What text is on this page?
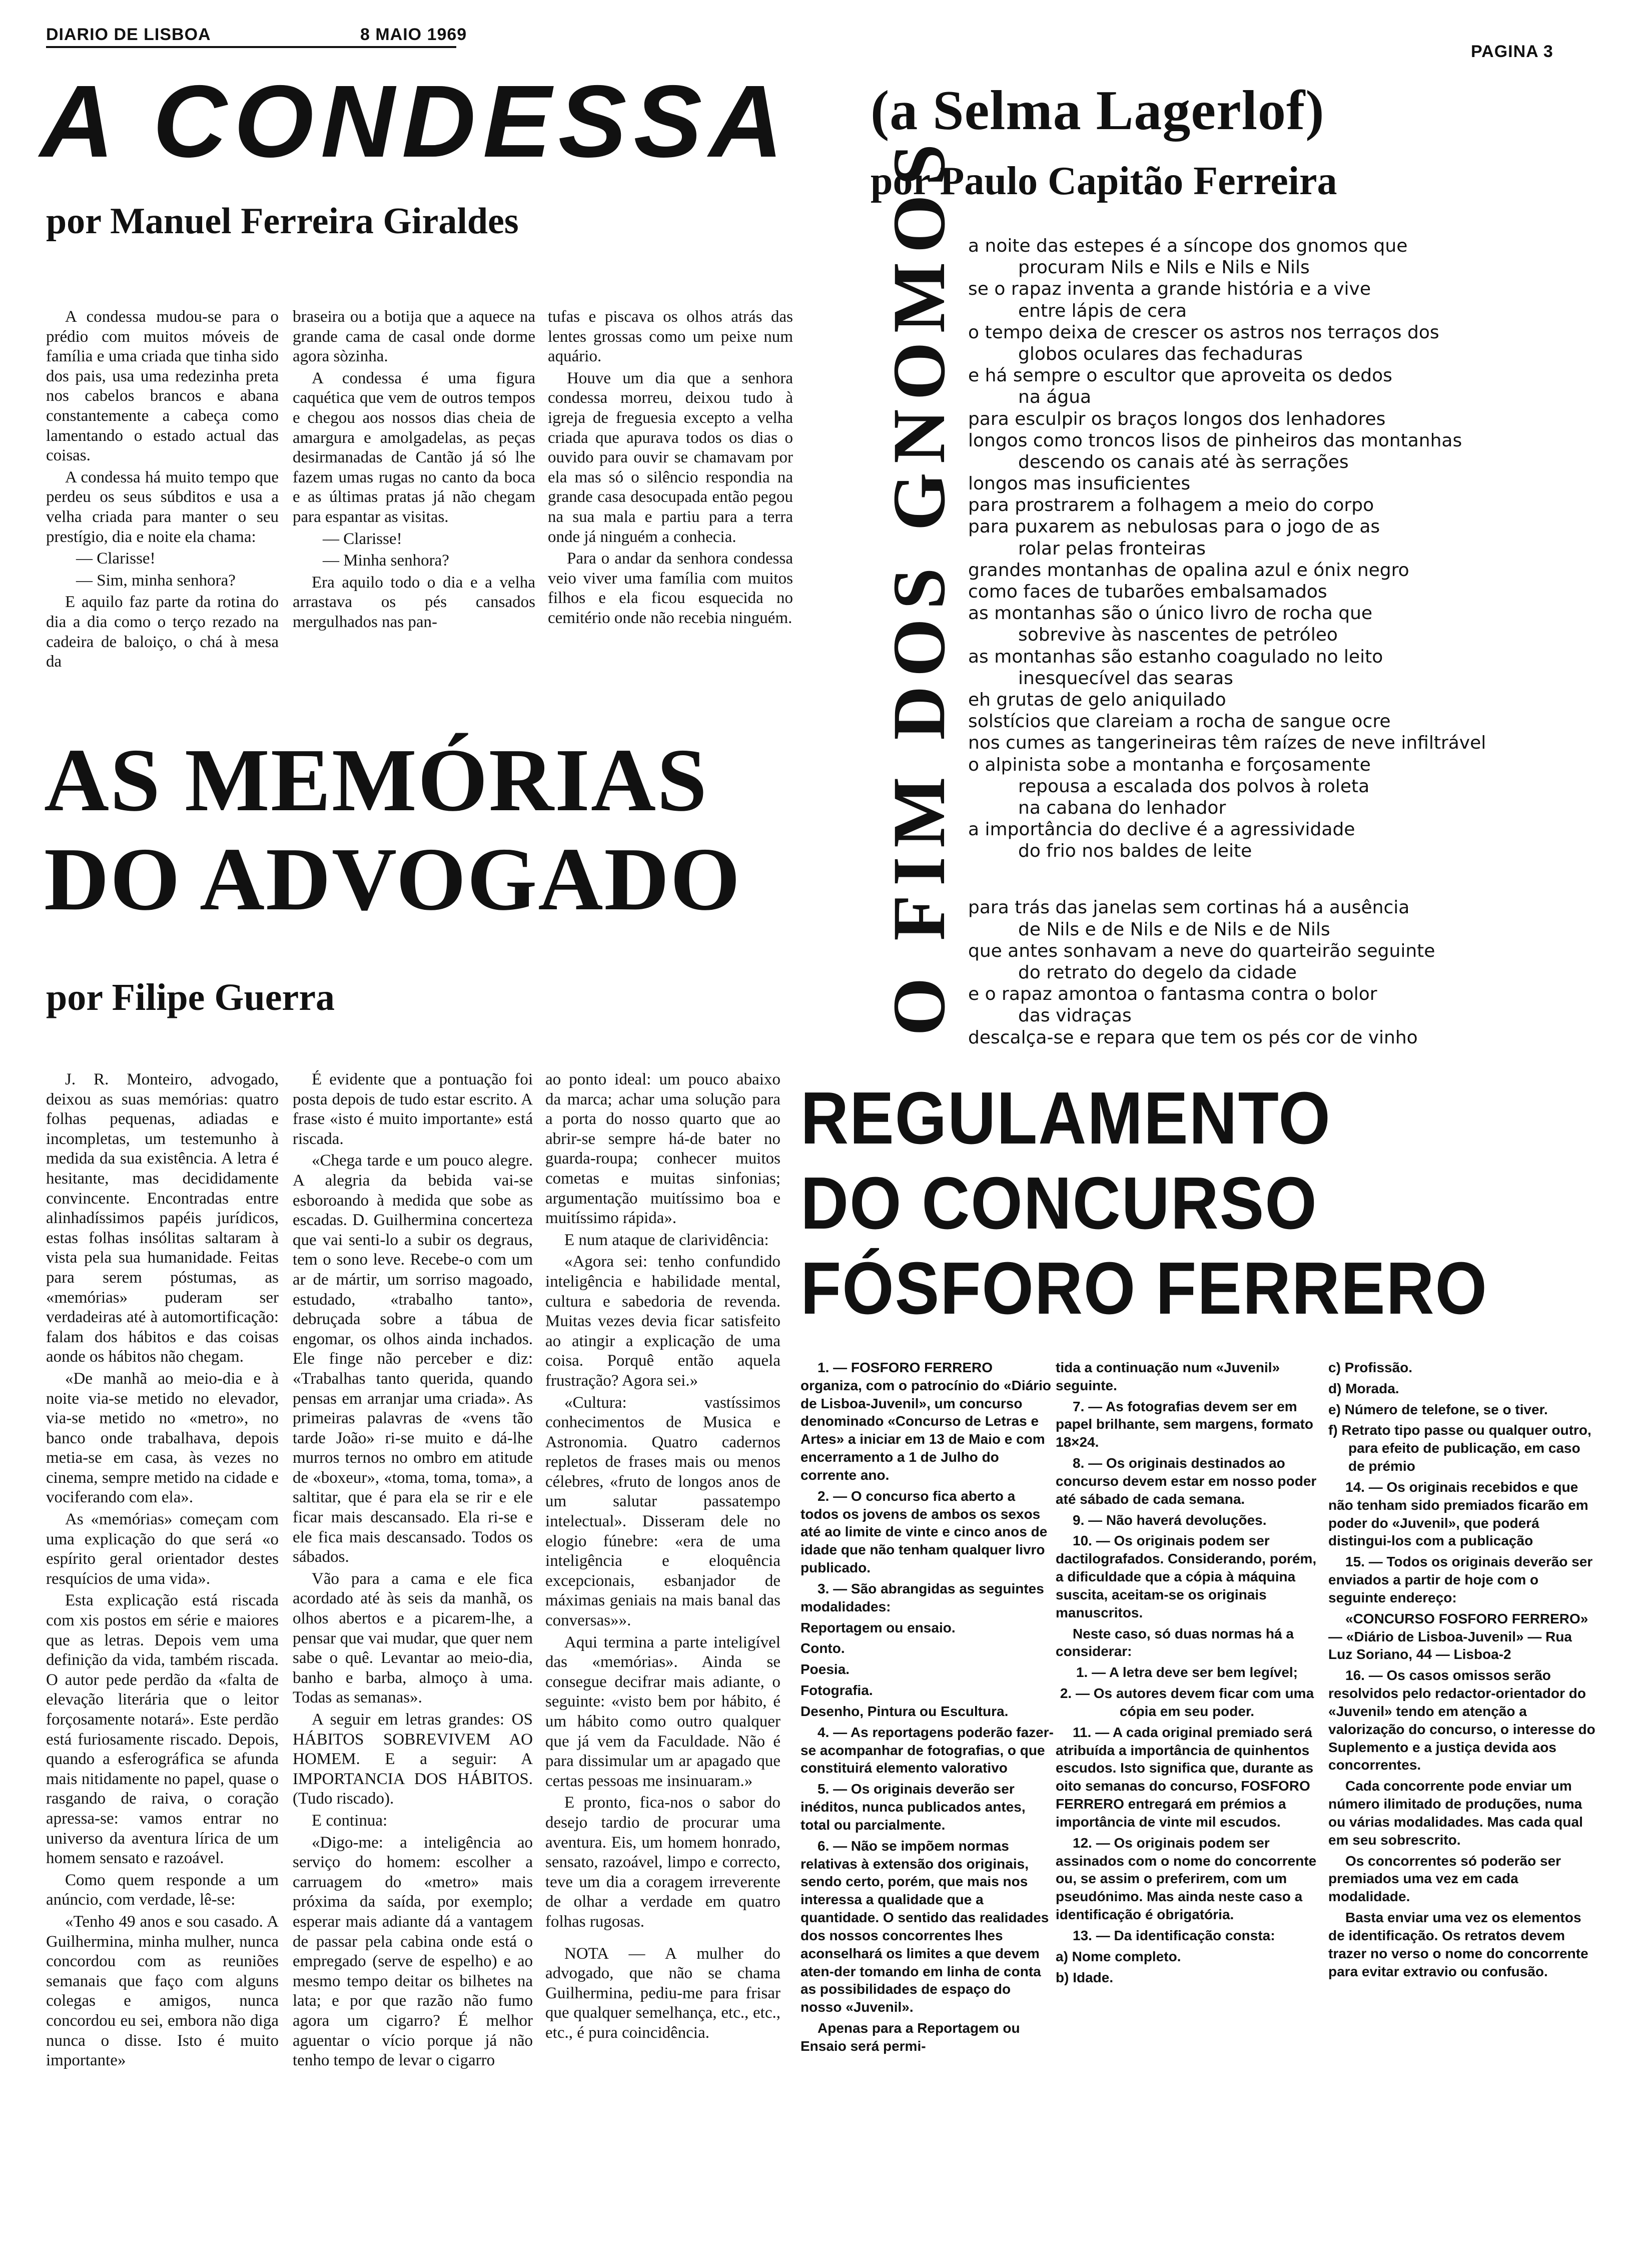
DIARIO DE LISBOA	8 MAIO 1969
PAGINA 3
A CONDESSA
por Manuel Ferreira Giraldes

A condessa mudou-se para o prédio com muitos móveis de família e uma criada que tinha sido dos pais, usa uma redezinha preta nos cabelos brancos e abana constantemente a cabeça como lamentando o estado actual das coisas.

A condessa há muito tempo que perdeu os seus súbditos e usa a velha criada para manter o seu prestígio, dia e noite ela chama:

— Clarisse!

— Sim, minha senhora?

E aquilo faz parte da rotina do dia a dia como o terço rezado na cadeira de baloiço, o chá à mesa da

braseira ou a botija que a aquece na grande cama de casal onde dorme agora sòzinha.

A condessa é uma figura caquética que vem de outros tempos e chegou aos nossos dias cheia de amargura e amolgadelas, as peças desirmanadas de Cantão já só lhe fazem umas rugas no canto da boca e as últimas pratas já não chegam para espantar as visitas.

— Clarisse!

— Minha senhora?

Era aquilo todo o dia e a velha arrastava os pés cansados mergulhados nas pan-

tufas e piscava os olhos atrás das lentes grossas como um peixe num aquário.

Houve um dia que a senhora condessa morreu, deixou tudo à igreja de freguesia excepto a velha criada que apurava todos os dias o ouvido para ouvir se chamavam por ela mas só o silêncio respondia na grande casa desocupada então pegou na sua mala e partiu para a terra onde já ninguém a conhecia.

Para o andar da senhora condessa veio viver uma família com muitos filhos e ela ficou esquecida no cemitério onde não recebia ninguém.

(a Selma Lagerlof)
por Paulo Capitão Ferreira
O FIM DOS GNOMOS a noite das estepes é a síncope dos gnomos que
procuram Nils e Nils e Nils e Nils
se o rapaz inventa a grande história e a vive
entre lápis de cera
o tempo deixa de crescer os astros nos terraços dos
globos oculares das fechaduras
e há sempre o escultor que aproveita os dedos
na água
para esculpir os braços longos dos lenhadores
longos como troncos lisos de pinheiros das montanhas
descendo os canais até às serrações
longos mas insuficientes
para prostrarem a folhagem a meio do corpo
para puxarem as nebulosas para o jogo de as
rolar pelas fronteiras
grandes montanhas de opalina azul e ónix negro
como faces de tubarões embalsamados
as montanhas são o único livro de rocha que
sobrevive às nascentes de petróleo
as montanhas são estanho coagulado no leito
inesquecível das searas
eh grutas de gelo aniquilado
solstícios que clareiam a rocha de sangue ocre
nos cumes as tangerineiras têm raízes de neve infiltrável
o alpinista sobe a montanha e forçosamente
repousa a escalada dos polvos à roleta
na cabana do lenhador
a importância do declive é a agressividade
do frio nos baldes de leite
para trás das janelas sem cortinas há a ausência
de Nils e de Nils e de Nils e de Nils
que antes sonhavam a neve do quarteirão seguinte
do retrato do degelo da cidade
e o rapaz amontoa o fantasma contra o bolor
das vidraças
descalça-se e repara que tem os pés cor de vinho
AS MEMÓRIAS
DO ADVOGADO
por Filipe Guerra

J. R. Monteiro, advogado, deixou as suas memórias: quatro folhas pequenas, adiadas e incompletas, um testemunho à medida da sua existência. A letra é hesitante, mas decididamente convincente. Encontradas entre alinhadíssimos papéis jurídicos, estas folhas insólitas saltaram à vista pela sua humanidade. Feitas para serem póstumas, as «memórias» puderam ser verdadeiras até à automortificação: falam dos hábitos e das coisas aonde os hábitos não chegam.

«De manhã ao meio-dia e à noite via-se metido no elevador, via-se metido no «metro», no banco onde trabalhava, depois metia-se em casa, às vezes no cinema, sempre metido na cidade e vociferando com ela».

As «memórias» começam com uma explicação do que será «o espírito geral orientador destes resquícios de uma vida».

Esta explicação está riscada com xis postos em série e maiores que as letras. Depois vem uma definição da vida, também riscada. O autor pede perdão da «falta de elevação literária que o leitor forçosamente notará». Este perdão está furiosamente riscado. Depois, quando a esferográfica se afunda mais nitidamente no papel, quase o rasgando de raiva, o coração apressa-se: vamos entrar no universo da aventura lírica de um homem sensato e razoável.

Como quem responde a um anúncio, com verdade, lê-se:

«Tenho 49 anos e sou casado. A Guilhermina, minha mulher, nunca concordou com as reuniões semanais que faço com alguns colegas e amigos, nunca concordou eu sei, embora não diga nunca o disse. Isto é muito importante»

É evidente que a pontuação foi posta depois de tudo estar escrito. A frase «isto é muito importante» está riscada.

«Chega tarde e um pouco alegre. A alegria da bebida vai-se esboroando à medida que sobe as escadas. D. Guilhermina concerteza que vai senti-lo a subir os degraus, tem o sono leve. Recebe-o com um ar de mártir, um sorriso magoado, estudado, «trabalho tanto», debruçada sobre a tábua de engomar, os olhos ainda inchados. Ele finge não perceber e diz: «Trabalhas tanto querida, quando pensas em arranjar uma criada». As primeiras palavras de «vens tão tarde João» ri-se muito e dá-lhe murros ternos no ombro em atitude de «boxeur», «toma, toma, toma», a saltitar, que é para ela se rir e ele ficar mais descansado. Ela ri-se e ele fica mais descansado. Todos os sábados.

Vão para a cama e ele fica acordado até às seis da manhã, os olhos abertos e a picarem-lhe, a pensar que vai mudar, que quer nem sabe o quê. Levantar ao meio-dia, banho e barba, almoço à uma. Todas as semanas».

A seguir em letras grandes: OS HÁBITOS SOBREVIVEM AO HOMEM. E a seguir: A IMPORTANCIA DOS HÁBITOS. (Tudo riscado).

E continua:

«Digo-me: a inteligência ao serviço do homem: escolher a carruagem do «metro» mais próxima da saída, por exemplo; esperar mais adiante dá a vantagem de passar pela cabina onde está o empregado (serve de espelho) e ao mesmo tempo deitar os bilhetes na lata; e por que razão não fumo agora um cigarro? É melhor aguentar o vício porque já não tenho tempo de levar o cigarro

ao ponto ideal: um pouco abaixo da marca; achar uma solução para a porta do nosso quarto que ao abrir-se sempre há-de bater no guarda-roupa; conhecer muitos cometas e muitas sinfonias; argumentação muitíssimo boa e muitíssimo rápida».

E num ataque de clarividência:

«Agora sei: tenho confundido inteligência e habilidade mental, cultura e sabedoria de revenda. Muitas vezes devia ficar satisfeito ao atingir a explicação de uma coisa. Porquê então aquela frustração? Agora sei.»

«Cultura: vastíssimos conhecimentos de Musica e Astronomia. Quatro cadernos repletos de frases mais ou menos célebres, «fruto de longos anos de um salutar passatempo intelectual». Disseram dele no elogio fúnebre: «era de uma inteligência e eloquência excepcionais, esbanjador de máximas geniais na mais banal das conversas»».

Aqui termina a parte inteligível das «memórias». Ainda se consegue decifrar mais adiante, o seguinte: «visto bem por hábito, é um hábito como outro qualquer que já vem da Faculdade. Não é para dissimular um ar apagado que certas pessoas me insinuaram.»

E pronto, fica-nos o sabor do desejo tardio de procurar uma aventura. Eis, um homem honrado, sensato, razoável, limpo e correcto, teve um dia a coragem irreverente de olhar a verdade em quatro folhas rugosas.

NOTA — A mulher do advogado, que não se chama Guilhermina, pediu-me para frisar que qualquer semelhança, etc., etc., etc., é pura coincidência.

REGULAMENTO
DO CONCURSO
FÓSFORO FERRERO

1. — FOSFORO FERRERO organiza, com o patrocínio do «Diário de Lisboa-Juvenil», um concurso denominado «Concurso de Letras e Artes» a iniciar em 13 de Maio e com encerramento a 1 de Julho do corrente ano.

2. — O concurso fica aberto a todos os jovens de ambos os sexos até ao limite de vinte e cinco anos de idade que não tenham qualquer livro publicado.

3. — São abrangidas as seguintes modalidades:

Reportagem ou ensaio.

Conto.

Poesia.

Fotografia.

Desenho, Pintura ou Escultura.

4. — As reportagens poderão fazer-se acompanhar de fotografias, o que constituirá elemento valorativo

5. — Os originais deverão ser inéditos, nunca publicados antes, total ou parcialmente.

6. — Não se impõem normas relativas à extensão dos originais, sendo certo, porém, que mais nos interessa a qualidade que a quantidade. O sentido das realidades dos nossos concorrentes lhes aconselhará os limites a que devem aten-der tomando em linha de conta as possibilidades de espaço do nosso «Juvenil».

Apenas para a Reportagem ou Ensaio será permi-

tida a continuação num «Juvenil» seguinte.

7. — As fotografias devem ser em papel brilhante, sem margens, formato 18×24.

8. — Os originais destinados ao concurso devem estar em nosso poder até sábado de cada semana.

9. — Não haverá devoluções.

10. — Os originais podem ser dactilografados. Considerando, porém, a dificuldade que a cópia à máquina suscita, aceitam-se os originais manuscritos.

Neste caso, só duas normas há a considerar:

1. — A letra deve ser bem legível;

2. — Os autores devem ficar com uma cópia em seu poder.

11. — A cada original premiado será atribuída a importância de quinhentos escudos. Isto significa que, durante as oito semanas do concurso, FOSFORO FERRERO entregará em prémios a importância de vinte mil escudos.

12. — Os originais podem ser assinados com o nome do concorrente ou, se assim o preferirem, com um pseudónimo. Mas ainda neste caso a identificação é obrigatória.

13. — Da identificação consta:

a) Nome completo.

b) Idade.

c) Profissão.

d) Morada.

e) Número de telefone, se o tiver.

f) Retrato tipo passe ou qualquer outro, para efeito de publicação, em caso de prémio

14. — Os originais recebidos e que não tenham sido premiados ficarão em poder do «Juvenil», que poderá distingui-los com a publicação

15. — Todos os originais deverão ser enviados a partir de hoje com o seguinte endereço:

«CONCURSO FOSFORO FERRERO» — «Diário de Lisboa-Juvenil» — Rua Luz Soriano, 44 — Lisboa-2

16. — Os casos omissos serão resolvidos pelo redactor-orientador do «Juvenil» tendo em atenção a valorização do concurso, o interesse do Suplemento e a justiça devida aos concorrentes.

Cada concorrente pode enviar um número ilimitado de produções, numa ou várias modalidades. Mas cada qual em seu sobrescrito.

Os concorrentes só poderão ser premiados uma vez em cada modalidade.

Basta enviar uma vez os elementos de identificação. Os retratos devem trazer no verso o nome do concorrente para evitar extravio ou confusão.
